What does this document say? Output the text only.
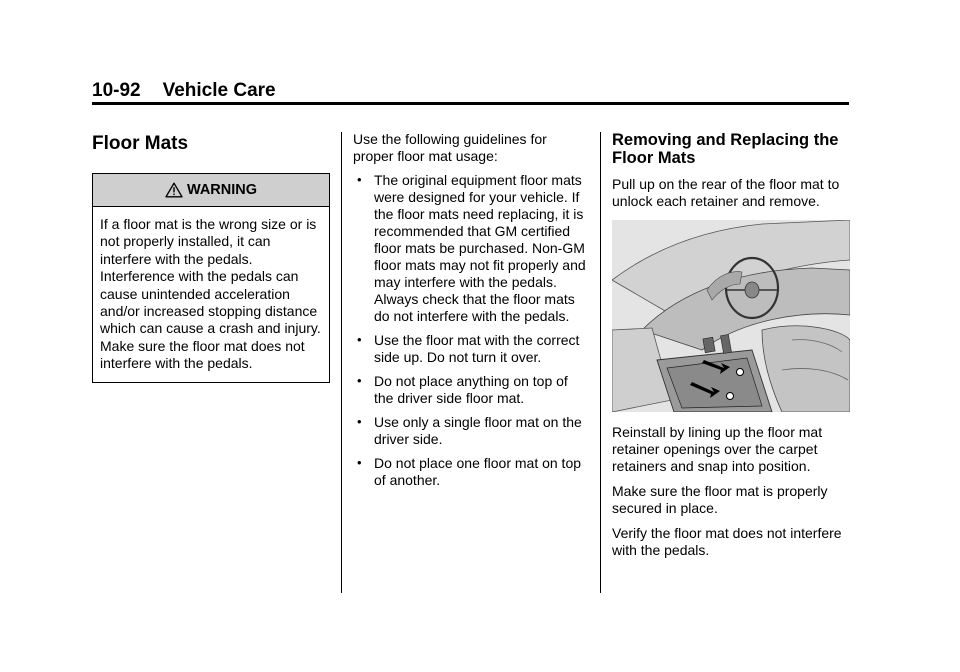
10-92 Vehicle Care
Floor Mats
WARNING
If a floor mat is the wrong size or is not properly installed, it can interfere with the pedals. Interference with the pedals can cause unintended acceleration and/or increased stopping distance which can cause a crash and injury. Make sure the floor mat does not interfere with the pedals.

Use the following guidelines for proper floor mat usage:

• The original equipment floor mats were designed for your vehicle. If the floor mats need replacing, it is recommended that GM certified floor mats be purchased. Non-GM floor mats may not fit properly and may interfere with the pedals. Always check that the floor mats do not interfere with the pedals.
• Use the floor mat with the correct side up. Do not turn it over.
• Do not place anything on top of the driver side floor mat.
• Use only a single floor mat on the driver side.
• Do not place one floor mat on top of another.
Removing and Replacing the Floor Mats

Pull up on the rear of the floor mat to unlock each retainer and remove.

Reinstall by lining up the floor mat retainer openings over the carpet retainers and snap into position.

Make sure the floor mat is properly secured in place.

Verify the floor mat does not interfere with the pedals.
